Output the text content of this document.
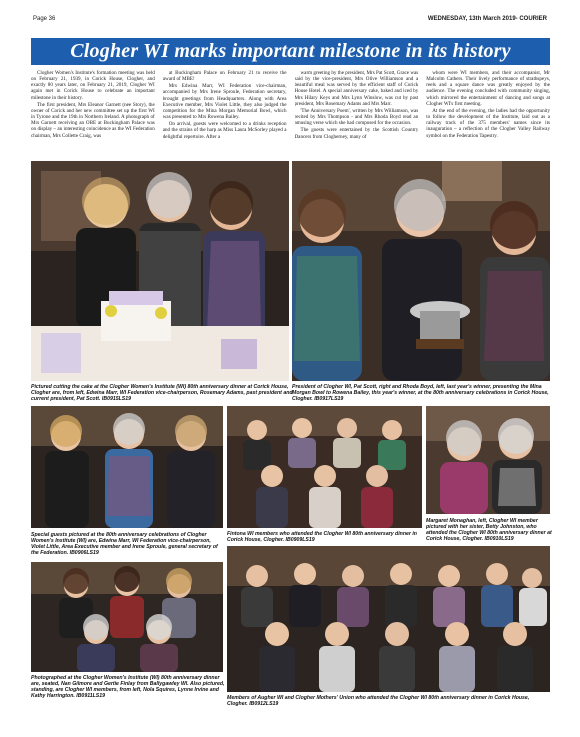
Page 36	WEDNESDAY, 13th March 2019- COURIER
Clogher WI marks important milestone in its history

Clogher Women's Institute's formation meeting was held on February 21, 1939, in Corick House, Clogher, and exactly 80 years later, on February 21, 2019, Clogher WI again met in Corick House to celebrate an important milestone in their history.

The first president, Mrs Eleanor Garnett (nee Story), the owner of Corick and her new committee set up the first WI in Tyrone and the 19th in Northern Ireland. A photograph of Mrs Garnett receiving an OBE at Buckingham Palace was on display – an interesting coincidence as the WI Federation chairman, Mrs Collette Craig, was

at Buckingham Palace on February 21 to receive the award of MBE!

Mrs Edwina Marr, WI Federation vice-chairman, accompanied by Mrs Irene Sproule, Federation secretary, brought greetings from Headquarters. Along with Area Executive member, Mrs Violet Little, they also judged the competition for the Mina Morgan Memorial Bowl, which was presented to Mrs Rowena Bailey.

On arrival, guests were welcomed to a drinks reception and the strains of the harp as Miss Laura McSorley played a delightful repertoire. After a

warm greeting by the president, Mrs Pat Scott, Grace was said by the vice-president, Mrs Olive Williamson and a beautiful meal was served by the efficient staff of Corick House Hotel. A special anniversary cake, baked and iced by Mrs Hilary Keys and Mrs Lynn Winslow, was cut by past president, Mrs Rosemary Adams and Mrs Marr.

'The Anniversary Poem', written by Mrs Williamson, was recited by Mrs Thompson - and Mrs Rhoda Boyd read an amusing verse which she had composed for the occasion.

The guests were entertained by the Scottish Country Dancers from Clogherney, many of

whom were WI members, and their accompanist, Mr Malcolm Cathers. Their lively performance of strathspeys, reels and a square dance was greatly enjoyed by the audience. The evening concluded with community singing, which mirrored the entertainment of dancing and songs at Clogher WI's first meeting.

At the end of the evening, the ladies had the opportunity to follow the development of the Institute, laid out as a railway track of the 375 members' names since its inauguration – a reflection of the Clogher Valley Railway symbol on the Federation Tapestry.

Pictured cutting the cake at the Clogher Women's Institute (WI) 80th anniversary dinner at Corick House, Clogher are, from left, Edwina Marr, WI Federation vice-chairperson, Rosemary Adams, past president and current president, Pat Scott. IB0915LS19
President of Clogher WI, Pat Scott, right and Rhoda Boyd, left, last year's winner, presenting the Mina Morgan Bowl to Rowena Bailey, this year's winner, at the 80th anniversary celebrations in Corick House, Clogher. IB0917LS19
Special guests pictured at the 80th anniversary celebrations of Clogher Women's Institute (WI) are, Edwina Marr, WI Federation vice-chairperson, Violet Little, Area Executive member and Irene Sproule, general secretary of the Federation. IB0906LS19
Fintona WI members who attended the Clogher WI 80th anniversary dinner in Corick House, Clogher. IB0909LS19
Margaret Monaghan, left, Clogher WI member pictured with her sister, Betty Johnston, who attended the Clogher WI 80th anniversary dinner at Corick House, Clogher. IB0910LS19
Photographed at the Clogher Women's Institute (WI) 80th anniversary dinner are, seated, Nan Gilmore and Gertie Finlay from Ballygawley WI. Also pictured, standing, are Clogher WI members, from left, Nola Squires, Lynne Irvine and Kathy Harrington. IB0911LS19	Members of Augher WI and Clogher Mothers' Union who attended the Clogher WI 80th anniversary dinner in Corick House, Clogher. IB0912LS19
